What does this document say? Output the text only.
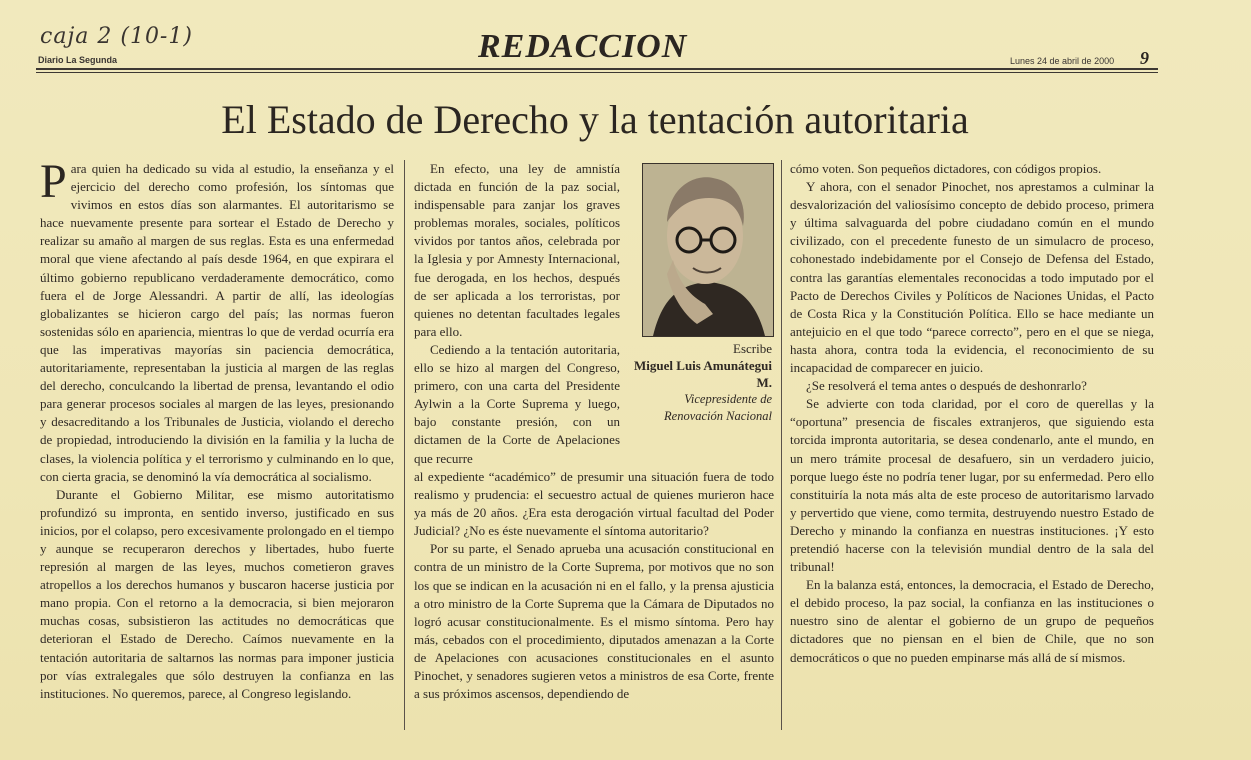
caja 2 (10-1)
Diario La Segunda	REDACCION	Lunes 24 de abril de 2000 9
El Estado de Derecho y la tentación autoritaria

Para quien ha dedicado su vida al estudio, la enseñanza y el ejercicio del derecho como profesión, los síntomas que vivimos en estos días son alarmantes. El autoritarismo se hace nuevamente presente para sortear el Estado de Derecho y realizar su amaño al margen de sus reglas. Esta es una enfermedad moral que viene afectando al país desde 1964, en que expirara el último gobierno republicano verdaderamente democrático, como fuera el de Jorge Alessandri. A partir de allí, las ideologías globalizantes se hicieron cargo del país; las normas fueron sostenidas sólo en apariencia, mientras lo que de verdad ocurría era que las imperativas mayorías sin paciencia democrática, autoritariamente, representaban la justicia al margen de las reglas del derecho, conculcando la libertad de prensa, levantando el odio para generar procesos sociales al margen de las leyes, presionando y desacreditando a los Tribunales de Justicia, violando el derecho de propiedad, introduciendo la división en la familia y la lucha de clases, la violencia política y el terrorismo y culminando en lo que, con cierta gracia, se denominó la vía democrática al socialismo.

Durante el Gobierno Militar, ese mismo autoritatismo profundizó su impronta, en sentido inverso, justificado en sus inicios, por el colapso, pero excesivamente prolongado en el tiempo y aunque se recuperaron derechos y libertades, hubo fuerte represión al margen de las leyes, muchos cometieron graves atropellos a los derechos humanos y buscaron hacerse justicia por mano propia. Con el retorno a la democracia, si bien mejoraron muchas cosas, subsistieron las actitudes no democráticas que deterioran el Estado de Derecho. Caímos nuevamente en la tentación autoritaria de saltarnos las normas para imponer justicia por vías extralegales que sólo destruyen la confianza en las instituciones. No queremos, parece, al Congreso legislando.

En efecto, una ley de amnistía dictada en función de la paz social, indispensable para zanjar los graves problemas morales, sociales, políticos vividos por tantos años, celebrada por la Iglesia y por Amnesty Internacional, fue derogada, en los hechos, después de ser aplicada a los terroristas, por quienes no detentan facultades legales para ello.

Cediendo a la tentación autoritaria, ello se hizo al margen del Congreso, primero, con una carta del Presidente Aylwin a la Corte Suprema y luego, bajo constante presión, con un dictamen de la Corte de Apelaciones que recurre

Escribe
Miguel Luis Amunátegui M.
Vicepresidente de Renovación Nacional

al expediente “académico” de presumir una situación fuera de todo realismo y prudencia: el secuestro actual de quienes murieron hace ya más de 20 años. ¿Era esta derogación virtual facultad del Poder Judicial? ¿No es éste nuevamente el síntoma autoritario?

Por su parte, el Senado aprueba una acusación constitucional en contra de un ministro de la Corte Suprema, por motivos que no son los que se indican en la acusación ni en el fallo, y la prensa ajusticia a otro ministro de la Corte Suprema que la Cámara de Diputados no logró acusar constitucionalmente. Es el mismo síntoma. Pero hay más, cebados con el procedimiento, diputados amenazan a la Corte de Apelaciones con acusaciones constitucionales en el asunto Pinochet, y senadores sugieren vetos a ministros de esa Corte, frente a sus próximos ascensos, dependiendo de

cómo voten. Son pequeños dictadores, con códigos propios.

Y ahora, con el senador Pinochet, nos aprestamos a culminar la desvalorización del valiosísimo concepto de debido proceso, primera y última salvaguarda del pobre ciudadano común en el mundo civilizado, con el precedente funesto de un simulacro de proceso, cohonestado indebidamente por el Consejo de Defensa del Estado, contra las garantías elementales reconocidas a todo imputado por el Pacto de Derechos Civiles y Políticos de Naciones Unidas, el Pacto de Costa Rica y la Constitución Política. Ello se hace mediante un antejuicio en el que todo “parece correcto”, pero en el que se niega, hasta ahora, contra toda la evidencia, el reconocimiento de su incapacidad de comparecer en juicio.

¿Se resolverá el tema antes o después de deshonrarlo?

Se advierte con toda claridad, por el coro de querellas y la “oportuna” presencia de fiscales extranjeros, que siguiendo esta torcida impronta autoritaria, se desea condenarlo, ante el mundo, en un mero trámite procesal de desafuero, sin un verdadero juicio, porque luego éste no podría tener lugar, por su enfermedad. Pero ello constituiría la nota más alta de este proceso de autoritarismo larvado y pervertido que viene, como termita, destruyendo nuestro Estado de Derecho y minando la confianza en nuestras instituciones. ¡Y esto pretendió hacerse con la televisión mundial dentro de la sala del tribunal!

En la balanza está, entonces, la democracia, el Estado de Derecho, el debido proceso, la paz social, la confianza en las instituciones o nuestro sino de alentar el gobierno de un grupo de pequeños dictadores que no piensan en el bien de Chile, que no son democráticos o que no pueden empinarse más allá de sí mismos.
